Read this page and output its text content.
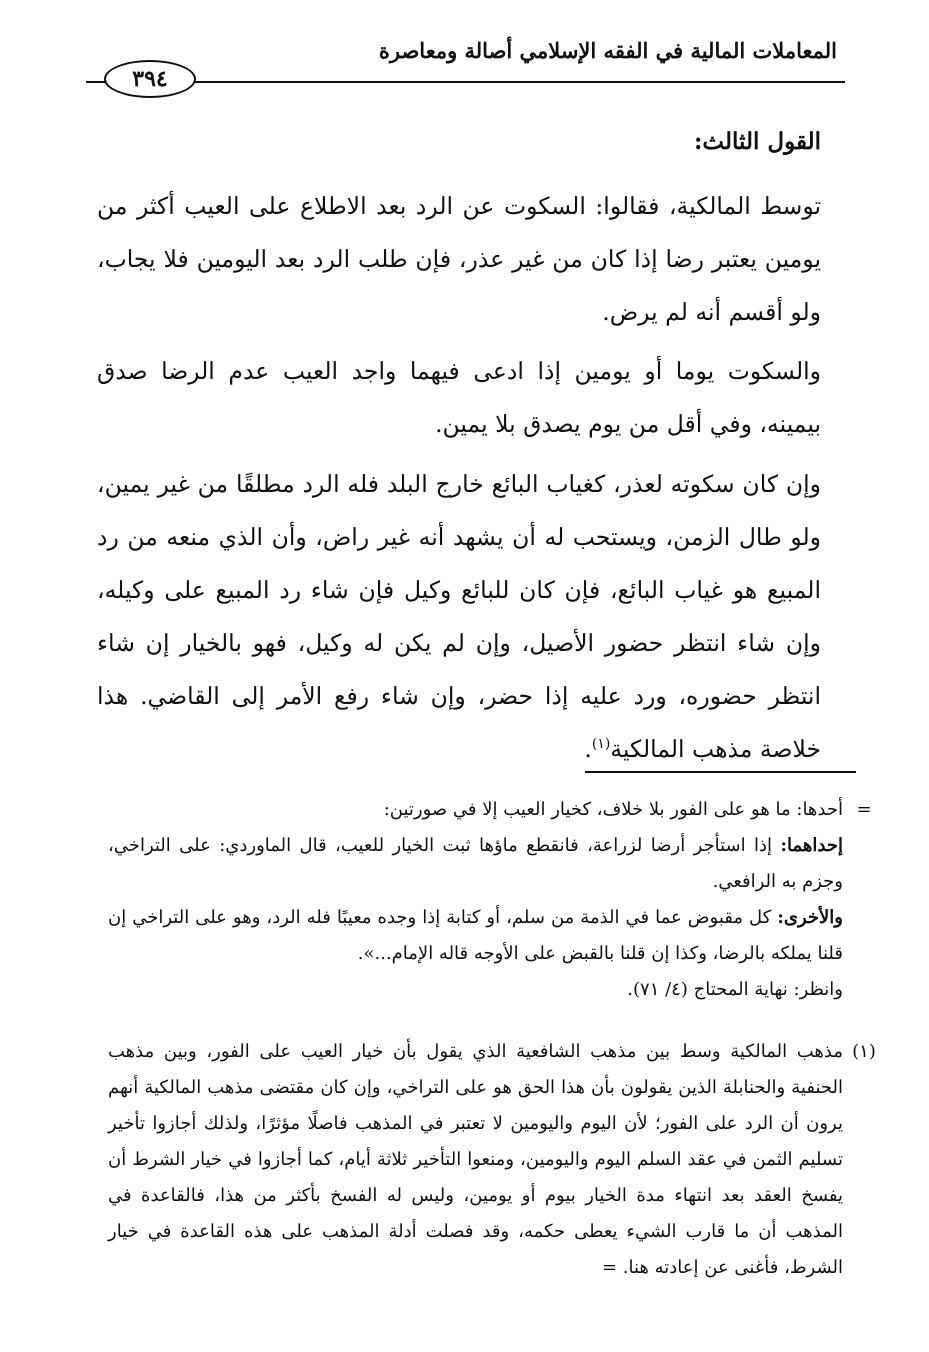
المعاملات المالية في الفقه الإسلامي أصالة ومعاصرة
٣٩٤
القول الثالث:

توسط المالكية، فقالوا: السكوت عن الرد بعد الاطلاع على العيب أكثر من يومين يعتبر رضا إذا كان من غير عذر، فإن طلب الرد بعد اليومين فلا يجاب، ولو أقسم أنه لم يرض.

والسكوت يوما أو يومين إذا ادعى فيهما واجد العيب عدم الرضا صدق بيمينه، وفي أقل من يوم يصدق بلا يمين.

وإن كان سكوته لعذر، كغياب البائع خارج البلد فله الرد مطلقًا من غير يمين، ولو طال الزمن، ويستحب له أن يشهد أنه غير راض، وأن الذي منعه من رد المبيع هو غياب البائع، فإن كان للبائع وكيل فإن شاء رد المبيع على وكيله، وإن شاء انتظر حضور الأصيل، وإن لم يكن له وكيل، فهو بالخيار إن شاء انتظر حضوره، ورد عليه إذا حضر، وإن شاء رفع الأمر إلى القاضي. هذا خلاصة مذهب المالكية$^{(١)}$.

=

أحدها: ما هو على الفور بلا خلاف، كخيار العيب إلا في صورتين:

إحداهما: إذا استأجر أرضا لزراعة، فانقطع ماؤها ثبت الخيار للعيب، قال الماوردي: على التراخي، وجزم به الرافعي.

والأخرى: كل مقبوض عما في الذمة من سلم، أو كتابة إذا وجده معيبًا فله الرد، وهو على التراخي إن قلنا يملكه بالرضا، وكذا إن قلنا بالقبض على الأوجه قاله الإمام...».

وانظر: نهاية المحتاج (٤/ ٧١).

(١)

مذهب المالكية وسط بين مذهب الشافعية الذي يقول بأن خيار العيب على الفور، وبين مذهب الحنفية والحنابلة الذين يقولون بأن هذا الحق هو على التراخي، وإن كان مقتضى مذهب المالكية أنهم يرون أن الرد على الفور؛ لأن اليوم واليومين لا تعتبر في المذهب فاصلًا مؤثرًا، ولذلك أجازوا تأخير تسليم الثمن في عقد السلم اليوم واليومين، ومنعوا التأخير ثلاثة أيام، كما أجازوا في خيار الشرط أن يفسخ العقد بعد انتهاء مدة الخيار بيوم أو يومين، وليس له الفسخ بأكثر من هذا، فالقاعدة في المذهب أن ما قارب الشيء يعطى حكمه، وقد فصلت أدلة المذهب على هذه القاعدة في خيار الشرط، فأغنى عن إعادته هنا. =
